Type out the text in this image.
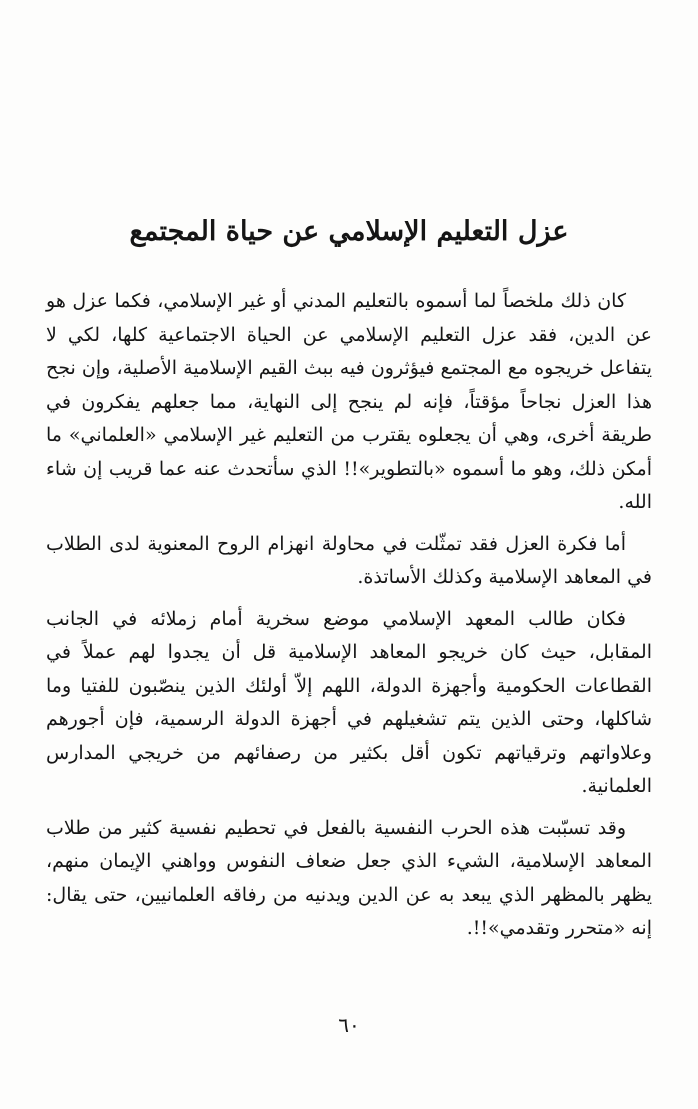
عزل التعليم الإسلامي عن حياة المجتمع

كان ذلك ملخصاً لما أسموه بالتعليم المدني أو غير الإسلامي، فكما عزل هو عن الدين، فقد عزل التعليم الإسلامي عن الحياة الاجتماعية كلها، لكي لا يتفاعل خريجوه مع المجتمع فيؤثرون فيه ببث القيم الإسلامية الأصلية، وإن نجح هذا العزل نجاحاً مؤقتاً، فإنه لم ينجح إلى النهاية، مما جعلهم يفكرون في طريقة أخرى، وهي أن يجعلوه يقترب من التعليم غير الإسلامي «العلماني» ما أمكن ذلك، وهو ما أسموه «بالتطوير»!! الذي سأتحدث عنه عما قريب إن شاء الله.

أما فكرة العزل فقد تمثّلت في محاولة انهزام الروح المعنوية لدى الطلاب في المعاهد الإسلامية وكذلك الأساتذة.

فكان طالب المعهد الإسلامي موضع سخرية أمام زملائه في الجانب المقابل، حيث كان خريجو المعاهد الإسلامية قل أن يجدوا لهم عملاً في القطاعات الحكومية وأجهزة الدولة، اللهم إلاّ أولئك الذين ينصّبون للفتيا وما شاكلها، وحتى الذين يتم تشغيلهم في أجهزة الدولة الرسمية، فإن أجورهم وعلاواتهم وترقياتهم تكون أقل بكثير من رصفائهم من خريجي المدارس العلمانية.

وقد تسبّبت هذه الحرب النفسية بالفعل في تحطيم نفسية كثير من طلاب المعاهد الإسلامية، الشيء الذي جعل ضعاف النفوس وواهني الإيمان منهم، يظهر بالمظهر الذي يبعد به عن الدين ويدنيه من رفاقه العلمانيين، حتى يقال: إنه «متحرر وتقدمي»!!.

٦٠
